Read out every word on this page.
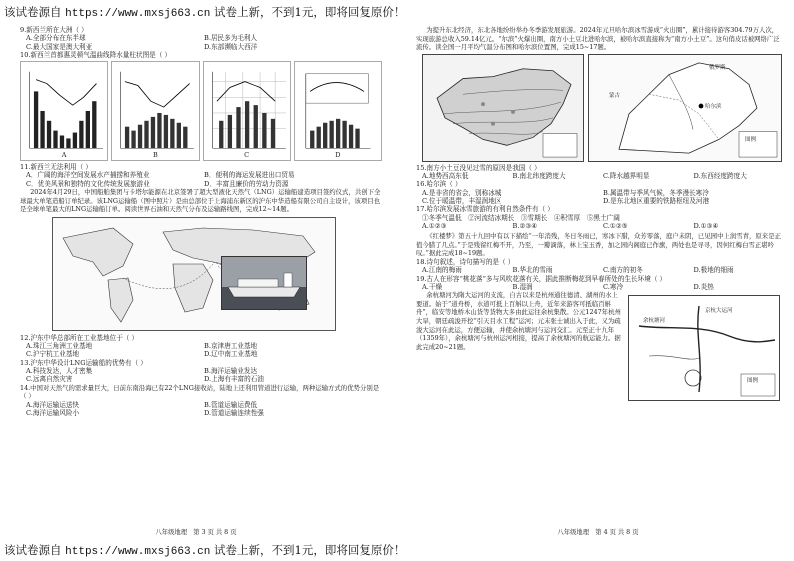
该试卷源自 https://www.mxsj663.cn 试卷上新，不到1元，即将回复原价！
9.新西兰所在大洲（ ）
A.全部分布在东半球	B.居民多为毛利人
C.最大国家是澳大利亚	D.东部濒临大西洋
10.新西兰首都惠灵顿气温曲线降水量柱状图是（ ）
A	B	C	D
11.新西兰无法利用（ ）
A．广阔的海洋空间发展水产捕捞和养殖业	B．便利的海运发展进出口贸易
C．优美风景和独特的文化传统发展旅游业	D．丰富且廉价的劳动力资源
2024年4月29日，中国船舶集团与卡塔尔能源在北京签署了超大型液化天然气（LNG）运输船建造项目签约仪式，共创下全球最大单笔造船订单纪录。该LNG运输船（图中照片）是由总部位于上海浦东新区的沪东中华造船有限公司自主设计，该项目也是全球单笔最大的LNG运输船订单。阅读世界石油和天然气分布及运输路线图，完成12~14题。
12.沪东中华总部所在工业基地位于（ ）
A.珠江三角洲工业基地	B.京津唐工业基地
C.沪宁杭工业基地	D.辽中南工业基地
13.沪东中华设计LNG运输船的优势有（ ）
A.科技发达，人才密集	B.海洋运输业发达
C.远离自然灾害	D.上海有丰富的石油
14.中国对天然气的需求量巨大，日前东南沿海已有22个LNG接收站，陆地上还利用管道进行运输，两种运输方式的优势分别是（ ）
A.海洋运输运送快	B.管道运输运费低
C.海洋运输风险小	D.管道运输连续性强
八年级地理　第 3 页 共 8 页
为提升东北经济，东北各地纷纷举办冬季游发展旅游。2024年元旦哈尔滨冰雪游成“火出圈”，累计接待游客304.79万人次，实现旅游总收入59.14亿元。“尔滨”火爆出圈，南方小土豆北进哈尔滨，被哈尔滨直接称为“南方小土豆”。这句俏皮话被网络广泛流传。读全国一月平均气温分布图和哈尔滨位置图，完成15~17题。
哈尔滨
俄罗斯
蒙古
图例
15.南方小土豆没见过雪的原因是我国（ ）
A.地势西高东低	B.南北纬度跨度大	C.降水越界明显	D.东西经度跨度大
16.哈尔滨（ ）
A.是非省的省会，别称冰城	B.属温带与季风气候，冬季漫长寒冷
C.位于暖温带，丰湿润地区	D.是东北地区重要的铁路枢纽及河港
17.哈尔滨发展冰雪旅游的有利自然条件有（ ）
①冬季气温低　②河流结冰期长　③雪期长　④积雪厚　⑤黑土广阔
A.①②③	B.②③④	C.①②⑤	D.①③④
《红楼梦》第五十九回中有以下描绘“一年消残，冬日冬雨已，寒冰下腊，众芳零落，庭户未阴，已见园中上润雪青，原来是正值今腊了几点。”于是残留红梅不开，乃至，一瓣滴落，林上宝玉香，加之园内阁庭已作旗，两处也是寻寻，因何红梅白雪正堪吟叹。”据此完成18~19题。
18.诗句叙述，诗句描写的是（ ）
A.江南的梅雨	B.华北的雪雨	C.南方的初冬	D.极地的细雨
19.古人在形容“桃花落”多与风吹花落有关，据此推断梅花到早春所处的生长环境（ ）
A.干燥	B.湿润	C.寒冷	D.炎热
余杭塘河为隋大运河的支流，自古以来是杭州通往德清、湖州的水上要道。始于“道舟桥，水道可抵上百斛以上舟，近年来游客可抵临百斛舟”，临安等地桥木山货等货物大多由此运往余杭集散。公元1247年杭州大旱，朝廷疏浚开挖“引天目水工程”运河；元末张士诚出入于此，又为疏浚大运河在此运，方便运输，并使余杭塘河与运河交汇。元至正十九年（1359年），余杭塘河与杭州运河相接，提高了余杭塘河的航运能力。据此完成20~21题。
余杭塘河
京杭大运河
图例
八年级地理　第 4 页 共 8 页
该试卷源自 https://www.mxsj663.cn 试卷上新，不到1元，即将回复原价！
